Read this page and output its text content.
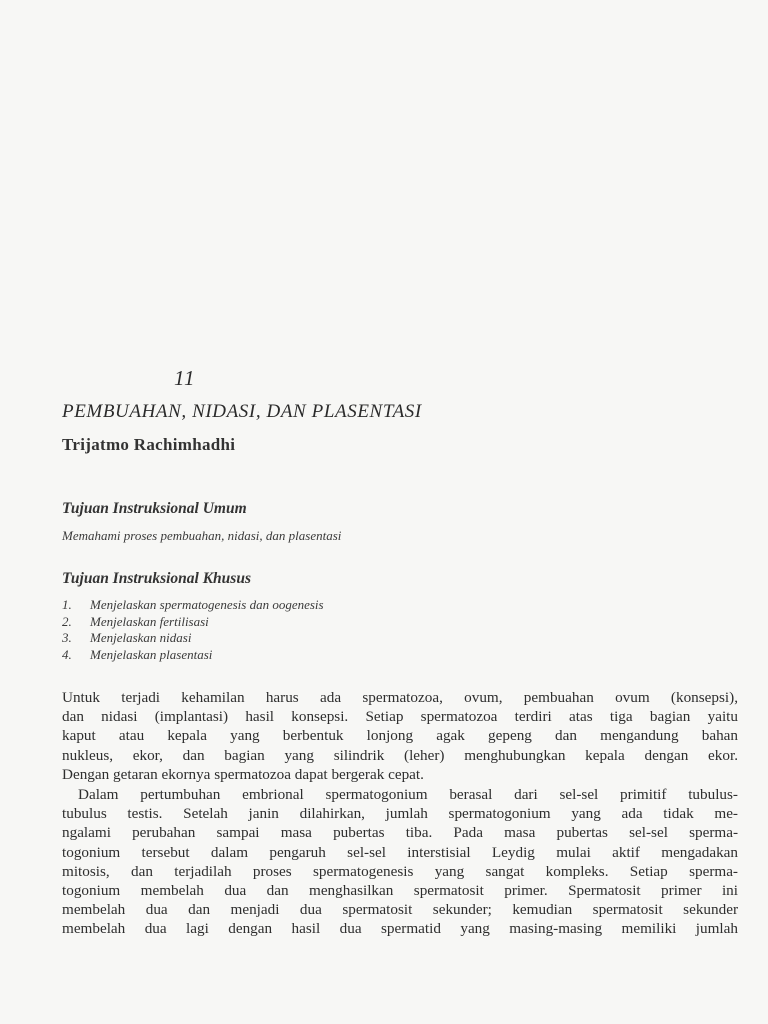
11
PEMBUAHAN, NIDASI, DAN PLASENTASI
Trijatmo Rachimhadhi
Tujuan Instruksional Umum
Memahami proses pembuahan, nidasi, dan plasentasi
Tujuan Instruksional Khusus
1. Menjelaskan spermatogenesis dan oogenesis
2. Menjelaskan fertilisasi
3. Menjelaskan nidasi
4. Menjelaskan plasentasi
Untuk terjadi kehamilan harus ada spermatozoa, ovum, pembuahan ovum (konsepsi),
dan nidasi (implantasi) hasil konsepsi. Setiap spermatozoa terdiri atas tiga bagian yaitu
kaput atau kepala yang berbentuk lonjong agak gepeng dan mengandung bahan
nukleus, ekor, dan bagian yang silindrik (leher) menghubungkan kepala dengan ekor.
Dengan getaran ekornya spermatozoa dapat bergerak cepat.
Dalam pertumbuhan embrional spermatogonium berasal dari sel-sel primitif tubulus-
tubulus testis. Setelah janin dilahirkan, jumlah spermatogonium yang ada tidak me-
ngalami perubahan sampai masa pubertas tiba. Pada masa pubertas sel-sel sperma-
togonium tersebut dalam pengaruh sel-sel interstisial Leydig mulai aktif mengadakan
mitosis, dan terjadilah proses spermatogenesis yang sangat kompleks. Setiap sperma-
togonium membelah dua dan menghasilkan spermatosit primer. Spermatosit primer ini
membelah dua dan menjadi dua spermatosit sekunder; kemudian spermatosit sekunder
membelah dua lagi dengan hasil dua spermatid yang masing-masing memiliki jumlah
